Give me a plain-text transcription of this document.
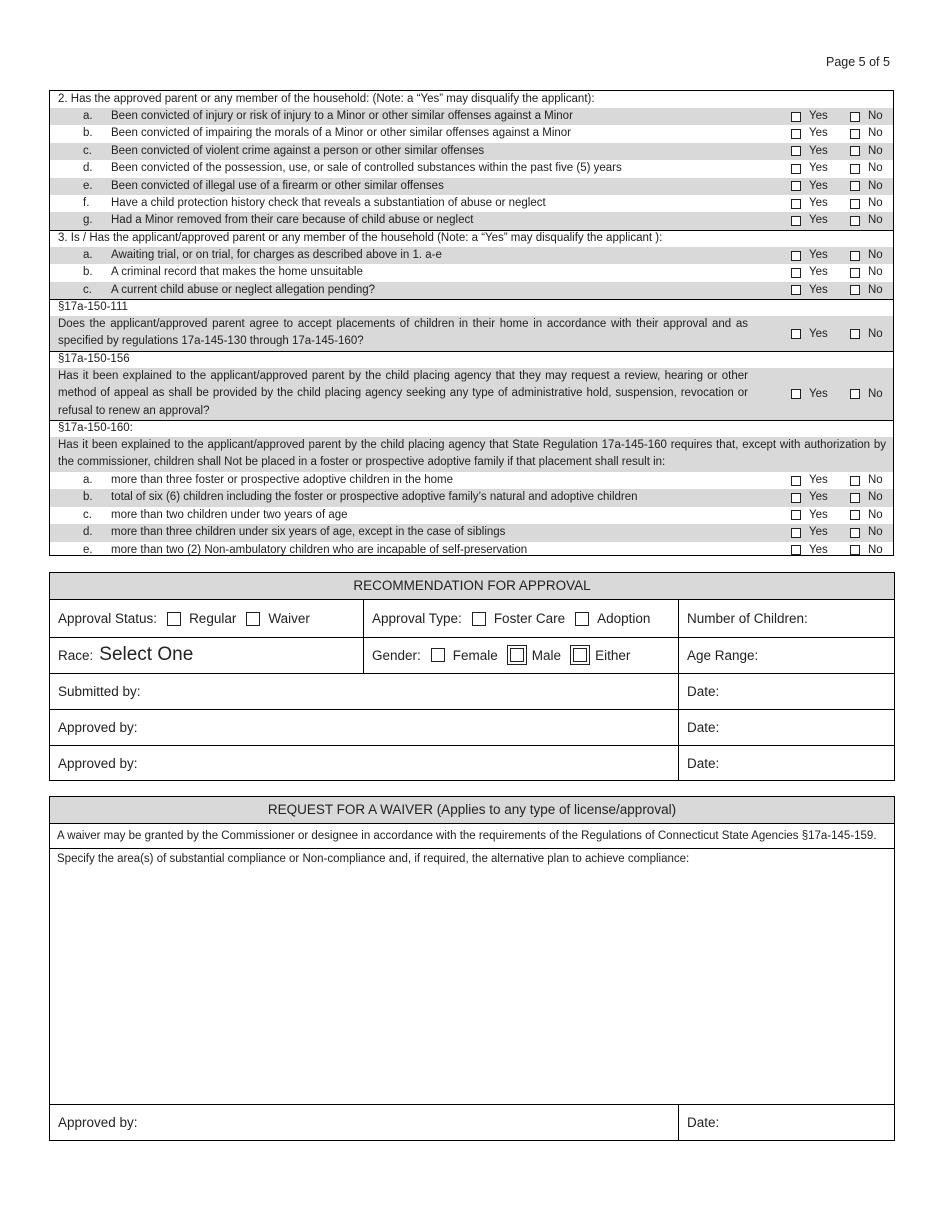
Page 5 of 5
2. Has the approved parent or any member of the household: (Note: a “Yes” may disqualify the applicant):
a. Been convicted of injury or risk of injury to a Minor or other similar offenses against a Minor	Yes	No
b. Been convicted of impairing the morals of a Minor or other similar offenses against a Minor	Yes	No
c. Been convicted of violent crime against a person or other similar offenses	Yes	No
d. Been convicted of the possession, use, or sale of controlled substances within the past five (5) years	Yes	No
e. Been convicted of illegal use of a firearm or other similar offenses	Yes	No
f. Have a child protection history check that reveals a substantiation of abuse or neglect	Yes	No
g. Had a Minor removed from their care because of child abuse or neglect	Yes	No
3. Is / Has the applicant/approved parent or any member of the household (Note: a “Yes” may disqualify the applicant ):
a. Awaiting trial, or on trial, for charges as described above in 1. a-e	Yes	No
b. A criminal record that makes the home unsuitable	Yes	No
c. A current child abuse or neglect allegation pending?	Yes	No
§17a-150-111
Does the applicant/approved parent agree to accept placements of children in their home in accordance with their approval and as specified by regulations 17a-145-130 through 17a-145-160?
Yes	No
§17a-150-156
Has it been explained to the applicant/approved parent by the child placing agency that they may request a review, hearing or other method of appeal as shall be provided by the child placing agency seeking any type of administrative hold, suspension, revocation or refusal to renew an approval?
Yes	No
§17a-150-160:
Has it been explained to the applicant/approved parent by the child placing agency that State Regulation 17a-145-160 requires that, except with authorization by the commissioner, children shall Not be placed in a foster or prospective adoptive family if that placement shall result in:
a. more than three foster or prospective adoptive children in the home	Yes	No
b. total of six (6) children including the foster or prospective adoptive family’s natural and adoptive children	Yes	No
c. more than two children under two years of age	Yes	No
d. more than three children under six years of age, except in the case of siblings	Yes	No
e. more than two (2) Non-ambulatory children who are incapable of self-preservation	Yes	No
RECOMMENDATION FOR APPROVAL
Approval Status: Regular Waiver	Approval Type: Foster Care Adoption	Number of Children:
Race: Select One	Gender: Female	Male	Either	Age Range:
Submitted by:	Date:
Approved by:	Date:
Approved by:	Date:
REQUEST FOR A WAIVER (Applies to any type of license/approval)
A waiver may be granted by the Commissioner or designee in accordance with the requirements of the Regulations of Connecticut State Agencies §17a-145-159.
Specify the area(s) of substantial compliance or Non-compliance and, if required, the alternative plan to achieve compliance:
Approved by:	Date:
